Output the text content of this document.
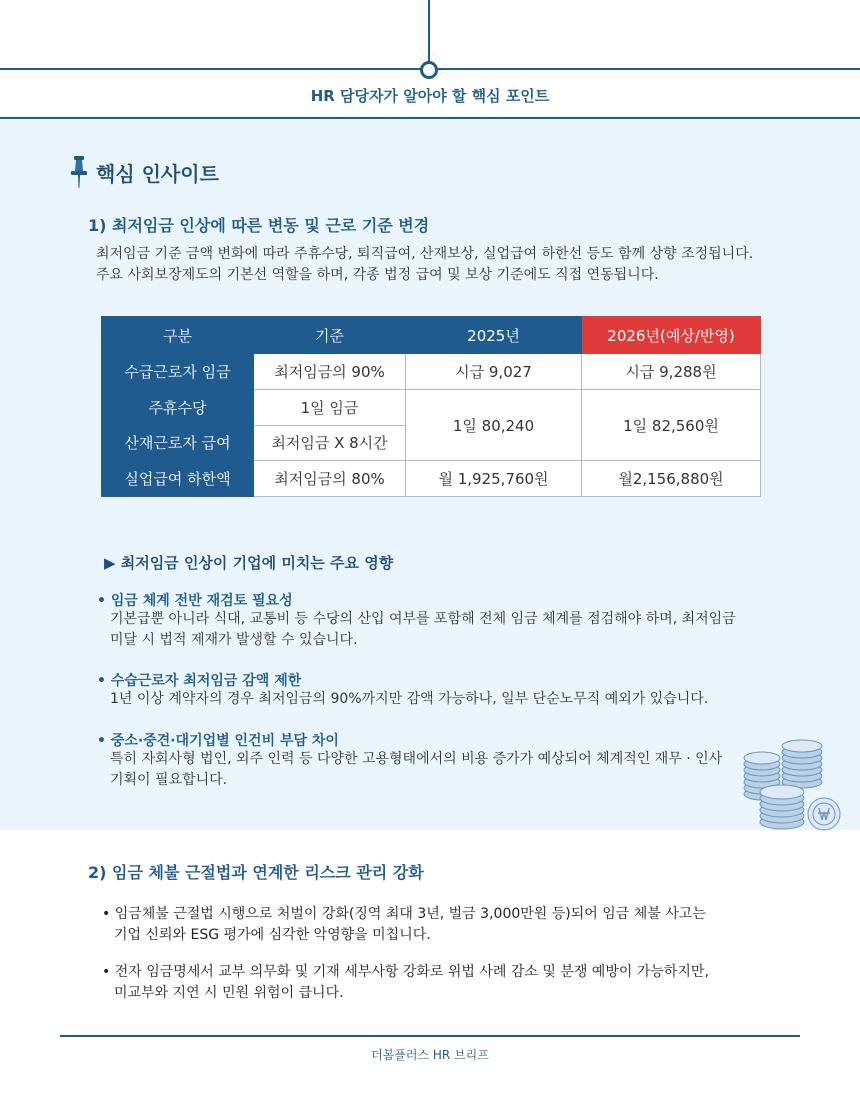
HR 담당자가 알아야 할 핵심 포인트
핵심 인사이트
1) 최저임금 인상에 따른 변동 및 근로 기준 변경
최저임금 기준 금액 변화에 따라 주휴수당, 퇴직급여, 산재보상, 실업급여 하한선 등도 함께 상향 조정됩니다.
주요 사회보장제도의 기본선 역할을 하며, 각종 법정 급여 및 보상 기준에도 직접 연동됩니다.
구분	기준	2025년	2026년(예상/반영)
수급근로자 임금	최저임금의 90%	시급 9,027	시급 9,288원
주휴수당	1일 임금	1일 80,240	1일 82,560원
산재근로자 급여	최저임금 X 8시간		
실업급여 하한액	최저임금의 80%	월 1,925,760원	월2,156,880원
▶ 최저임금 인상이 기업에 미치는 주요 영향
• 임금 체계 전반 재검토 필요성
기본급뿐 아니라 식대, 교통비 등 수당의 산입 여부를 포함해 전체 임금 체계를 점검해야 하며, 최저임금
미달 시 법적 제재가 발생할 수 있습니다.
• 수습근로자 최저임금 감액 제한
1년 이상 계약자의 경우 최저임금의 90%까지만 감액 가능하나, 일부 단순노무직 예외가 있습니다.
• 중소·중견·대기업별 인건비 부담 차이
특히 자회사형 법인, 외주 인력 등 다양한 고용형태에서의 비용 증가가 예상되어 체계적인 재무 · 인사
기획이 필요합니다.
2) 임금 체불 근절법과 연계한 리스크 관리 강화
• 임금체불 근절법 시행으로 처벌이 강화(징역 최대 3년, 벌금 3,000만원 등)되어 임금 체불 사고는
기업 신뢰와 ESG 평가에 심각한 악영향을 미칩니다.
• 전자 임금명세서 교부 의무화 및 기재 세부사항 강화로 위법 사례 감소 및 분쟁 예방이 가능하지만,
미교부와 지연 시 민원 위험이 큽니다.
더봄플러스 HR 브리프
